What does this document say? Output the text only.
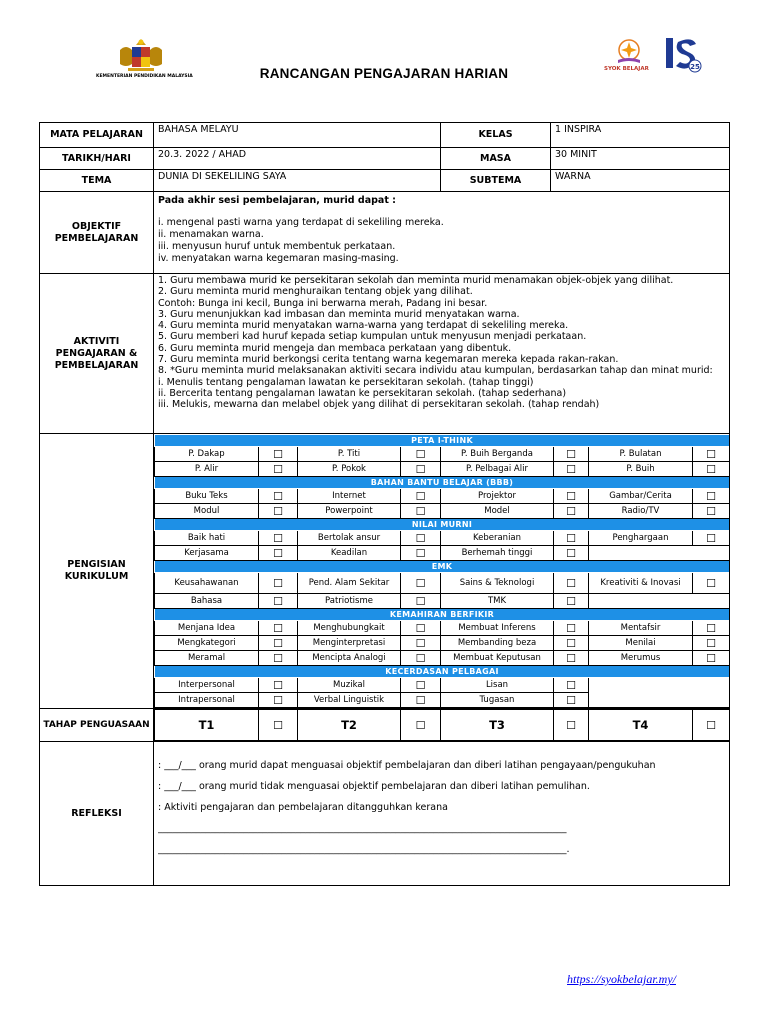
KEMENTERIAN PENDIDIKAN MALAYSIA	RANCANGAN PENGAJARAN HARIAN	SYOK BELAJAR	25
MATA PELAJARAN	BAHASA MELAYU	KELAS	1 INSPIRA
TARIKH/HARI	20.3. 2022 / AHAD	MASA	30 MINIT
TEMA	DUNIA DI SEKELILING SAYA	SUBTEMA	WARNA
OBJEKTIF PEMBELAJARAN	
Pada akhir sesi pembelajaran, murid dapat :
i. mengenal pasti warna yang terdapat di sekeliling mereka.
ii. menamakan warna.
iii. menyusun huruf untuk membentuk perkataan.
iv. menyatakan warna kegemaran masing-masing.

AKTIVITI PENGAJARAN & PEMBELAJARAN	
1. Guru membawa murid ke persekitaran sekolah dan meminta murid menamakan objek-objek yang dilihat.
2. Guru meminta murid menghuraikan tentang objek yang dilihat.
Contoh: Bunga ini kecil, Bunga ini berwarna merah, Padang ini besar.
3. Guru menunjukkan kad imbasan dan meminta murid menyatakan warna.
4. Guru meminta murid menyatakan warna-warna yang terdapat di sekeliling mereka.
5. Guru memberi kad huruf kepada setiap kumpulan untuk menyusun menjadi perkataan.
6. Guru meminta murid mengeja dan membaca perkataan yang dibentuk.
7. Guru meminta murid berkongsi cerita tentang warna kegemaran mereka kepada rakan-rakan.
8. *Guru meminta murid melaksanakan aktiviti secara individu atau kumpulan, berdasarkan tahap dan minat murid:
i. Menulis tentang pengalaman lawatan ke persekitaran sekolah. (tahap tinggi)
ii. Bercerita tentang pengalaman lawatan ke persekitaran sekolah. (tahap sederhana)
iii. Melukis, mewarna dan melabel objek yang dilihat di persekitaran sekolah. (tahap rendah)

PENGISIAN KURIKULUM	
PETA I-THINK
P. Dakap	☐	P. Titi	☐	P. Buih Berganda	☐	P. Bulatan	☐
P. Alir	☐	P. Pokok	☐	P. Pelbagai Alir	☐	P. Buih	☐
BAHAN BANTU BELAJAR (BBB)
Buku Teks	☐	Internet	☐	Projektor	☐	Gambar/Cerita	☐
Modul	☐	Powerpoint	☐	Model	☐	Radio/TV	☐
NILAI MURNI
Baik hati	☐	Bertolak ansur	☐	Keberanian	☐	Penghargaan	☐
Kerjasama	☐	Keadilan	☐	Berhemah tinggi	☐	
EMK
Keusahawanan	☐	Pend. Alam Sekitar	☐	Sains & Teknologi	☐	Kreativiti & Inovasi	☐
Bahasa	☐	Patriotisme	☐	TMK	☐	
KEMAHIRAN BERFIKIR
Menjana Idea	☐	Menghubungkait	☐	Membuat Inferens	☐	Mentafsir	☐
Mengkategori	☐	Menginterpretasi	☐	Membanding beza	☐	Menilai	☐
Meramal	☐	Mencipta Analogi	☐	Membuat Keputusan	☐	Merumus	☐
KECERDASAN PELBAGAI
Interpersonal	☐	Muzikal	☐	Lisan	☐	
Intrapersonal	☐	Verbal Linguistik	☐	Tugasan	☐

TAHAP PENGUASAAN		T1	☐	T2	☐	T3	☐	T4	☐

REFLEKSI	

: ___/___ orang murid dapat menguasai objektif pembelajaran dan diberi latihan pengayaan/pengukuhan

: ___/___ orang murid tidak menguasai objektif pembelajaran dan diberi latihan pemulihan.

: Aktiviti pengajaran dan pembelajaran ditangguhkan kerana

______________________________________________________________________________________

______________________________________________________________________________________.

https://syokbelajar.my/
